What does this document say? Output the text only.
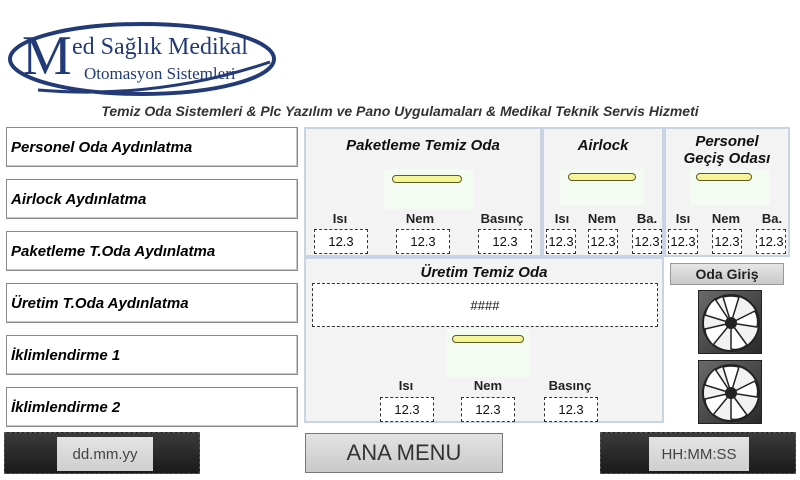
M ed Sağlık Medikal
Otomasyon Sistemleri
Temiz Oda Sistemleri & Plc Yazılım ve Pano Uygulamaları & Medikal Teknik Servis Hizmeti
Personel Oda Aydınlatma
Airlock Aydınlatma
Paketleme T.Oda Aydınlatma
Üretim T.Oda Aydınlatma
İklimlendirme 1
İklimlendirme 2
Paketleme Temiz Oda
Isı	Nem	Basınç
12.3	12.3	12.3
Airlock
Isı	Nem	Ba.
12.3 12.3 12.3
Personel
Geçiş Odası
Isı	Nem	Ba.
12.3 12.3 12.3
Üretim Temiz Oda
####
Isı	Nem	Basınç
12.3	12.3	12.3
Oda Giriş
dd.mm.yy	ANA MENU	HH:MM:SS
